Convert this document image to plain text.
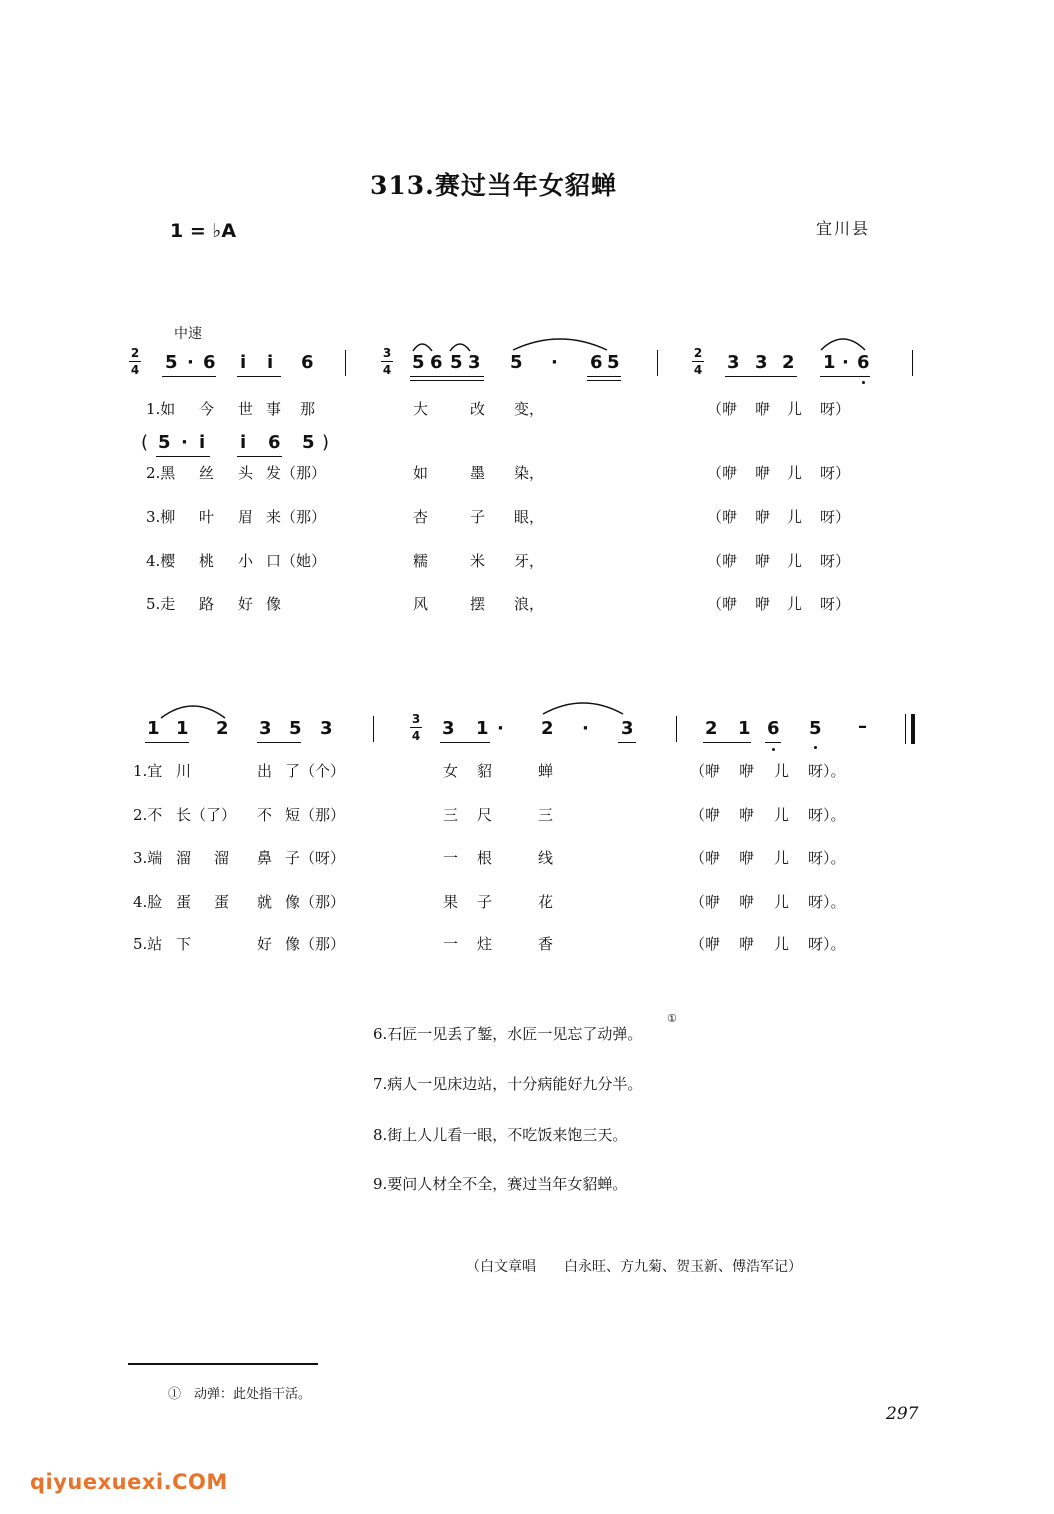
313.赛过当年女貂蝉
1 = ♭A	宜川县
中速
2
4 5 · 6 i i 6	3
4 5 6 5 3 5 · 6 5	2
4 3 3 2 1 · 6
1.如 今 世 事 那	大	改 变，	（咿 咿 儿 呀）
( 5 · i i 6 5 )
2.黑 丝 头 发（那）	如	墨 染，	（咿 咿 儿 呀）
3.柳 叶 眉 来（那）	杏	子 眼，	（咿 咿 儿 呀）
4.樱 桃 小 口（她）	糯	米 牙，	（咿 咿 儿 呀）
5.走 路 好 像	风	摆 浪，	（咿 咿 儿 呀）
1 1 2 3 5 3	3
4 3 1 · 2 · 3	2 1 6 5 –
1.宜 川	出 了（个）	女 貂	蝉	（咿 咿 儿 呀）。
2.不 长（了） 不 短（那）	三 尺	三	（咿 咿 儿 呀）。
3.端 溜 溜 鼻 子（呀）	一 根	线	（咿 咿 儿 呀）。
4.脸 蛋 蛋 就 像（那）	果 子	花	（咿 咿 儿 呀）。
5.站 下	好 像（那）	一 炷	香	（咿 咿 儿 呀）。
6.石匠一见丢了錾，水匠一见忘了动弹。
①
7.病人一见床边站，十分病能好九分半。
8.街上人儿看一眼，不吃饭来饱三天。
9.要问人材全不全，赛过当年女貂蝉。
（白文章唱　　白永旺、方九菊、贺玉新、傅浩军记）
①　动弹：此处指干活。
297
qiyuexuexi.COM
